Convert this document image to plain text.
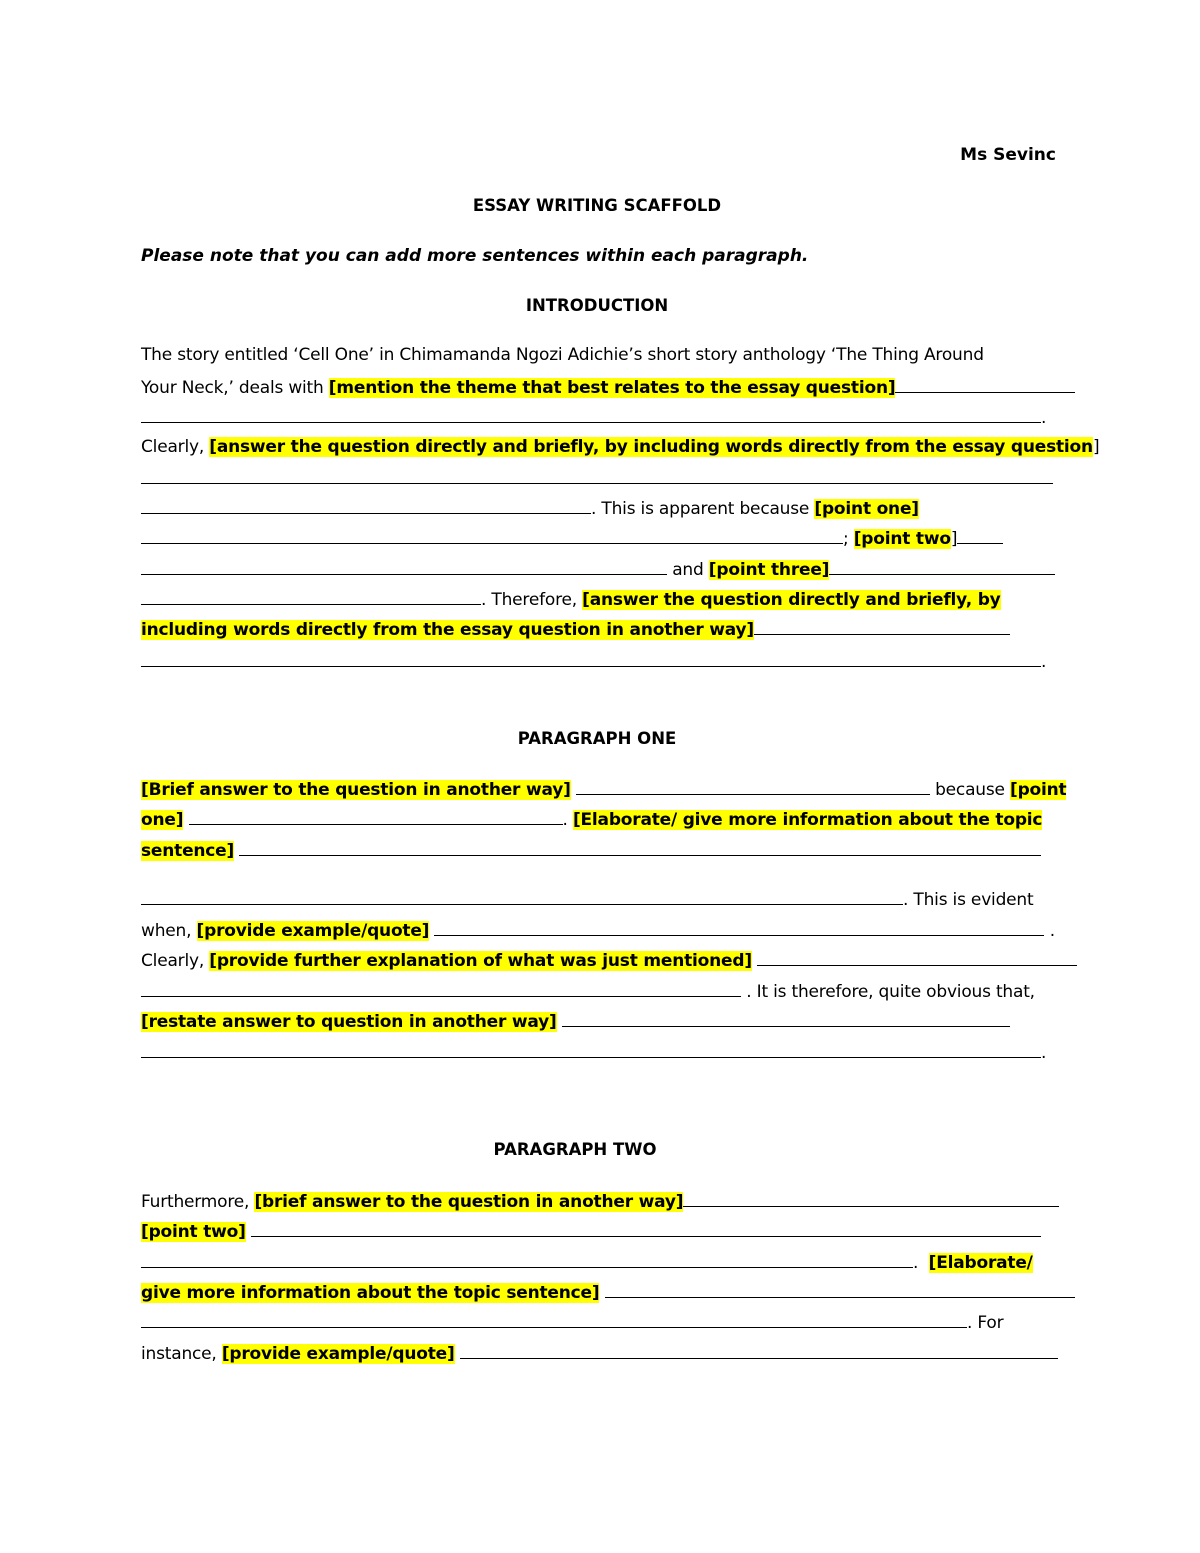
Ms Sevinc
ESSAY WRITING SCAFFOLD
Please note that you can add more sentences within each paragraph.
INTRODUCTION
The story entitled ‘Cell One’ in Chimamanda Ngozi Adichie’s short story anthology ‘The Thing Around
Your Neck,’ deals with [mention the theme that best relates to the essay question]
.
Clearly, [answer the question directly and briefly, by including words directly from the essay question]
. This is apparent because [point one]
; [point two]
and [point three]
. Therefore, [answer the question directly and briefly, by
including words directly from the essay question in another way]
.
PARAGRAPH ONE
[Brief answer to the question in another way]	because [point
one]	. [Elaborate/ give more information about the topic
sentence]
. This is evident
when, [provide example/quote]	.
Clearly, [provide further explanation of what was just mentioned]
. It is therefore, quite obvious that,
[restate answer to question in another way]
.
PARAGRAPH TWO
Furthermore, [brief answer to the question in another way]
[point two]
. [Elaborate/
give more information about the topic sentence]
. For
instance, [provide example/quote]
